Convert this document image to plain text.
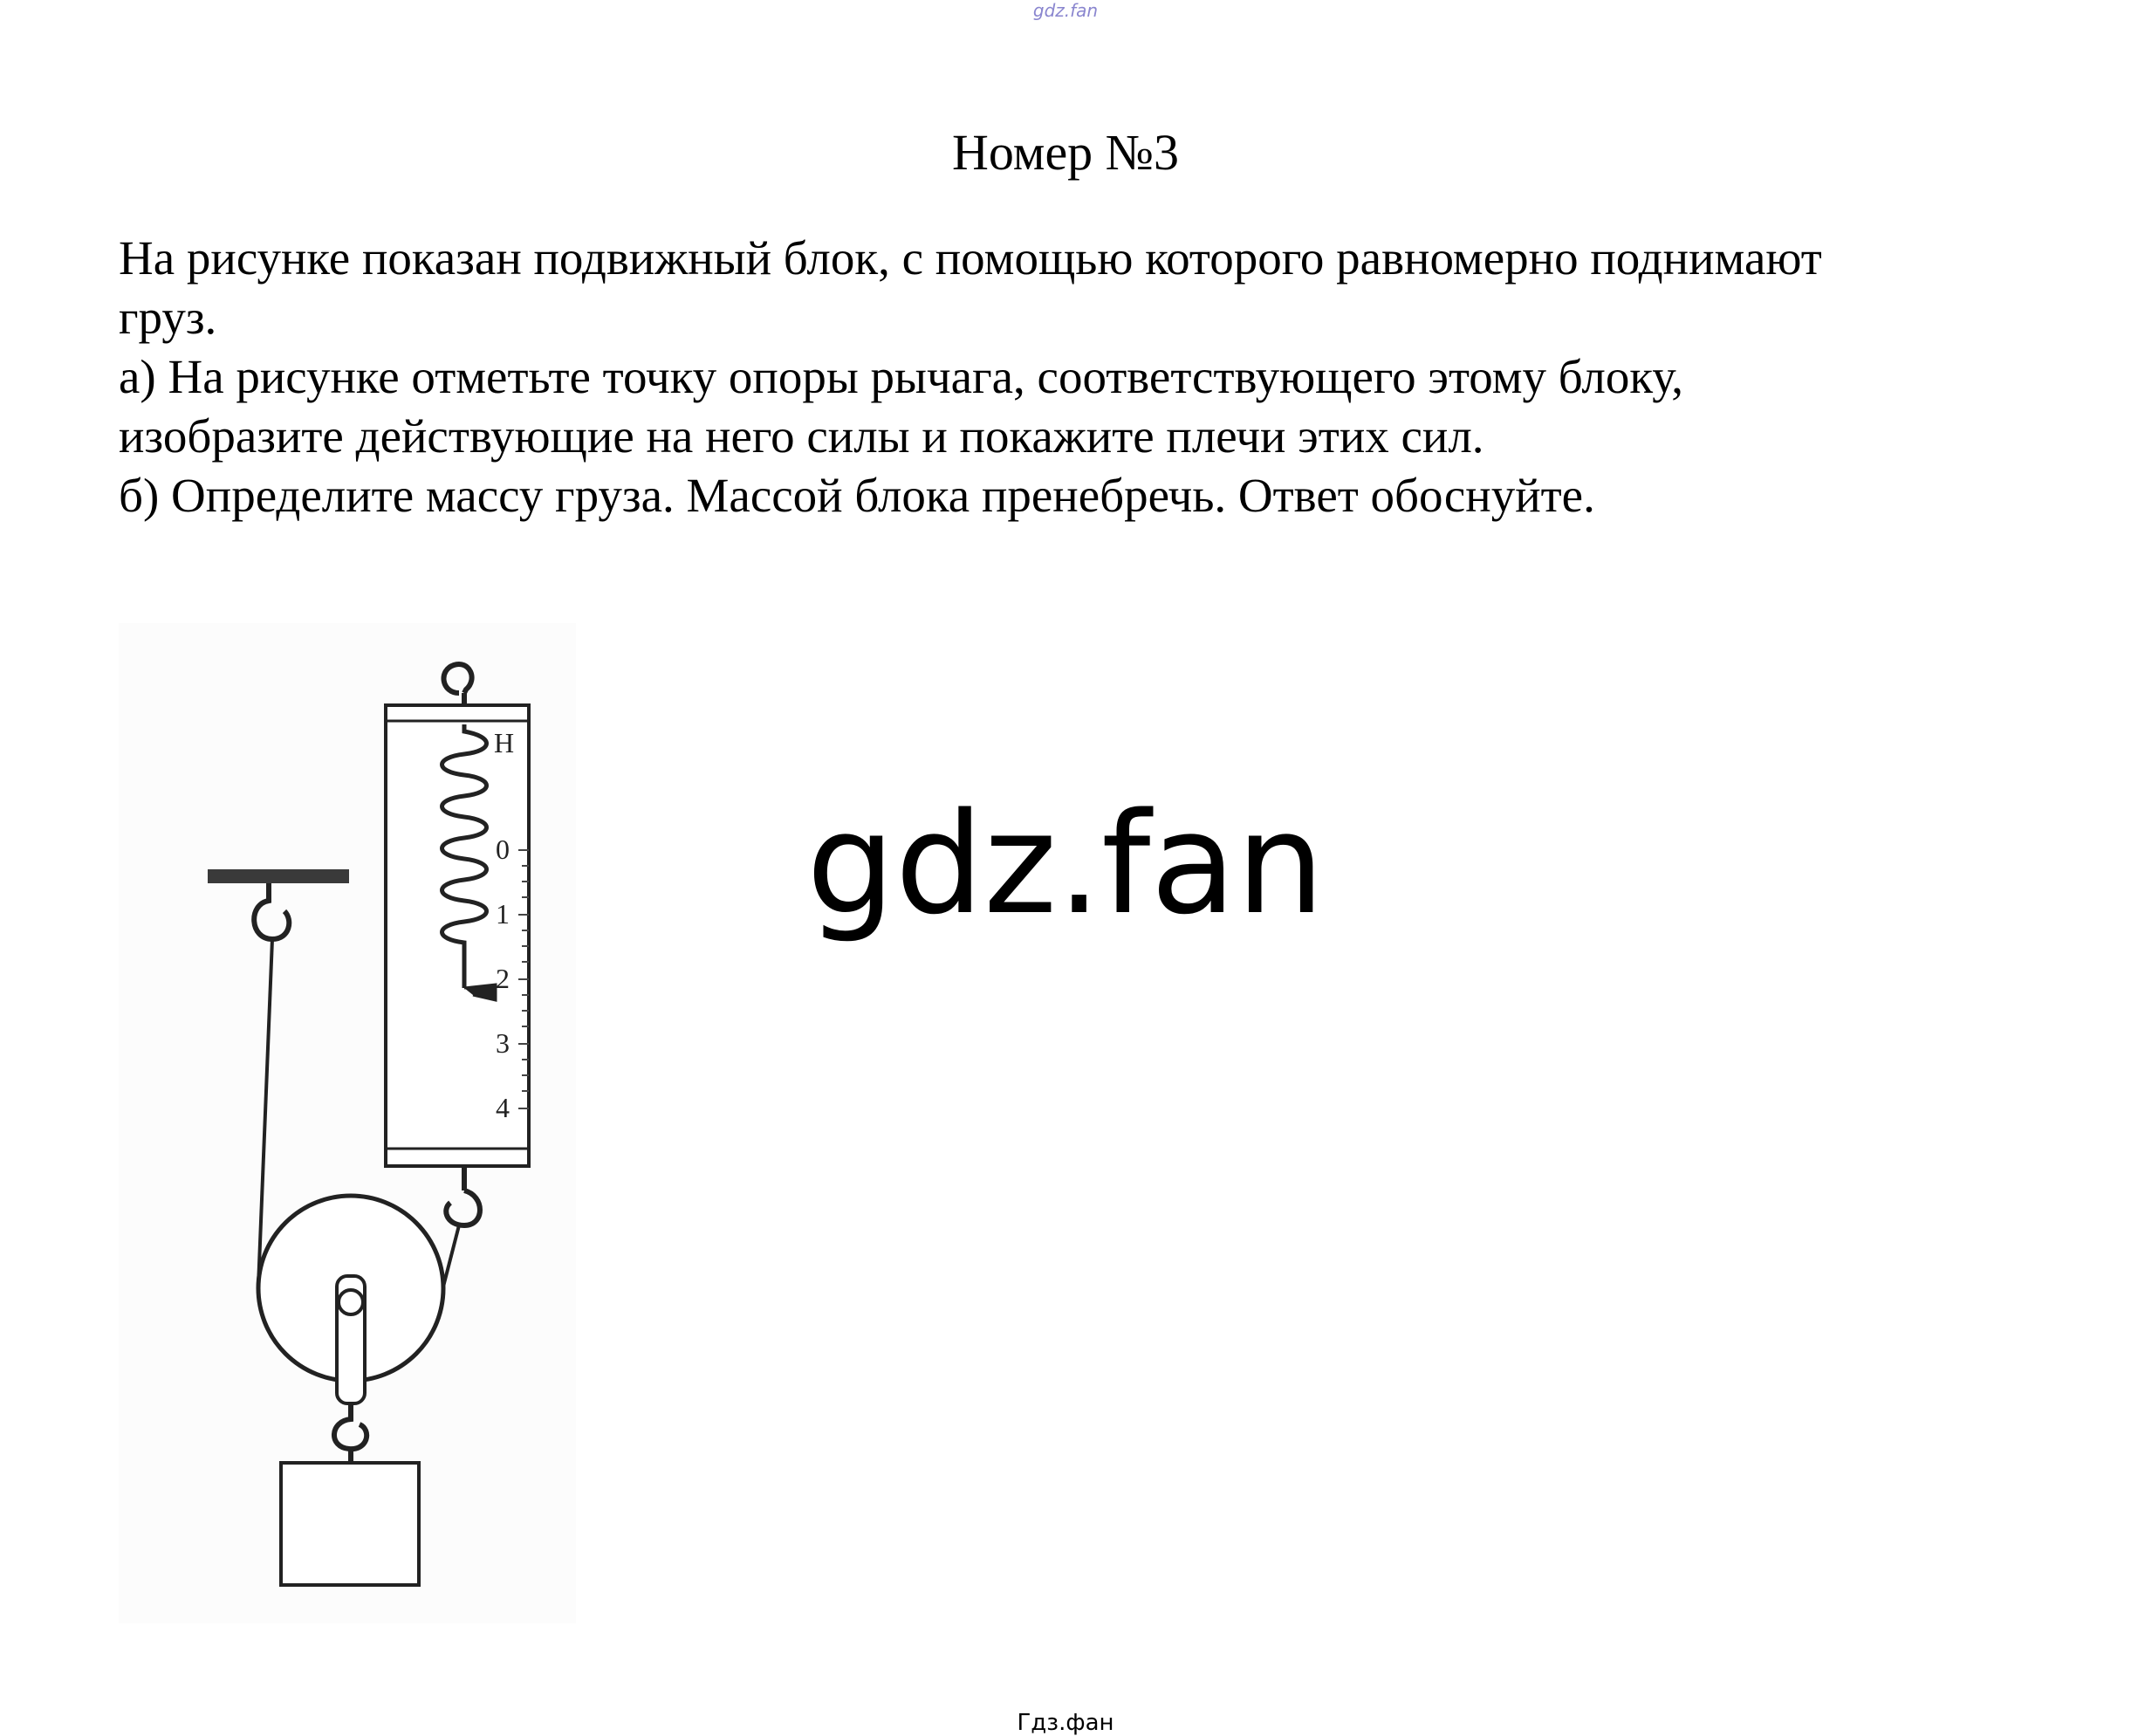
gdz.fan
Номер №3
На рисунке показан подвижный блок, с помощью которого равномерно поднимают
груз.
а) На рисунке отметьте точку опоры рычага, соответствующего этому блоку,
изобразите действующие на него силы и покажите плечи этих сил.
б) Определите массу груза. Массой блока пренебречь. Ответ обоснуйте.
Н
0
1
2
3
4
gdz.fan
Гдз.фан
